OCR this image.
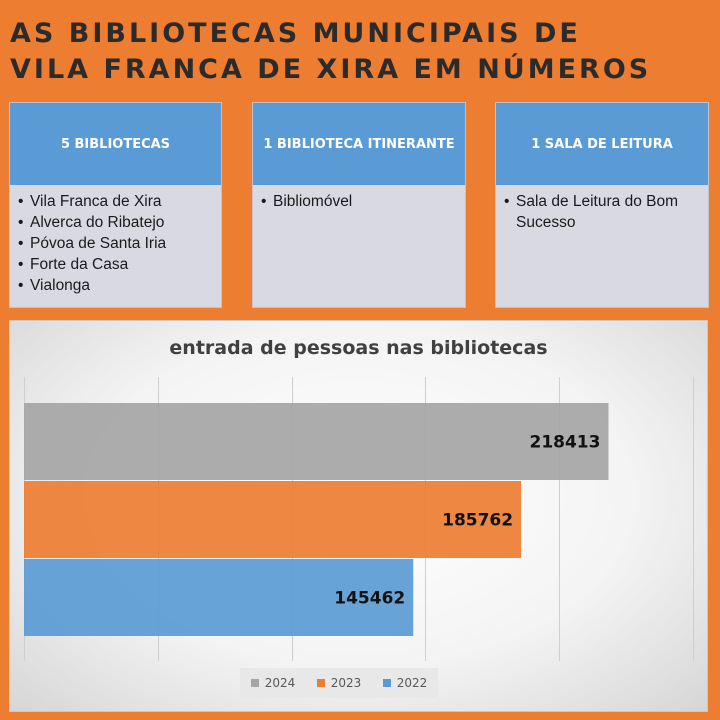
AS BIBLIOTECAS MUNICIPAIS DE
VILA FRANCA DE XIRA EM NÚMEROS
5 BIBLIOTECAS
• Vila Franca de Xira
• Alverca do Ribatejo
• Póvoa de Santa Iria
• Forte da Casa
• Vialonga
1 BIBLIOTECA ITINERANTE
• Bibliomóvel
1 SALA DE LEITURA
• Sala de Leitura do Bom Sucesso
entrada de pessoas nas bibliotecas
218413
185762
145462
2024	2023	2022
